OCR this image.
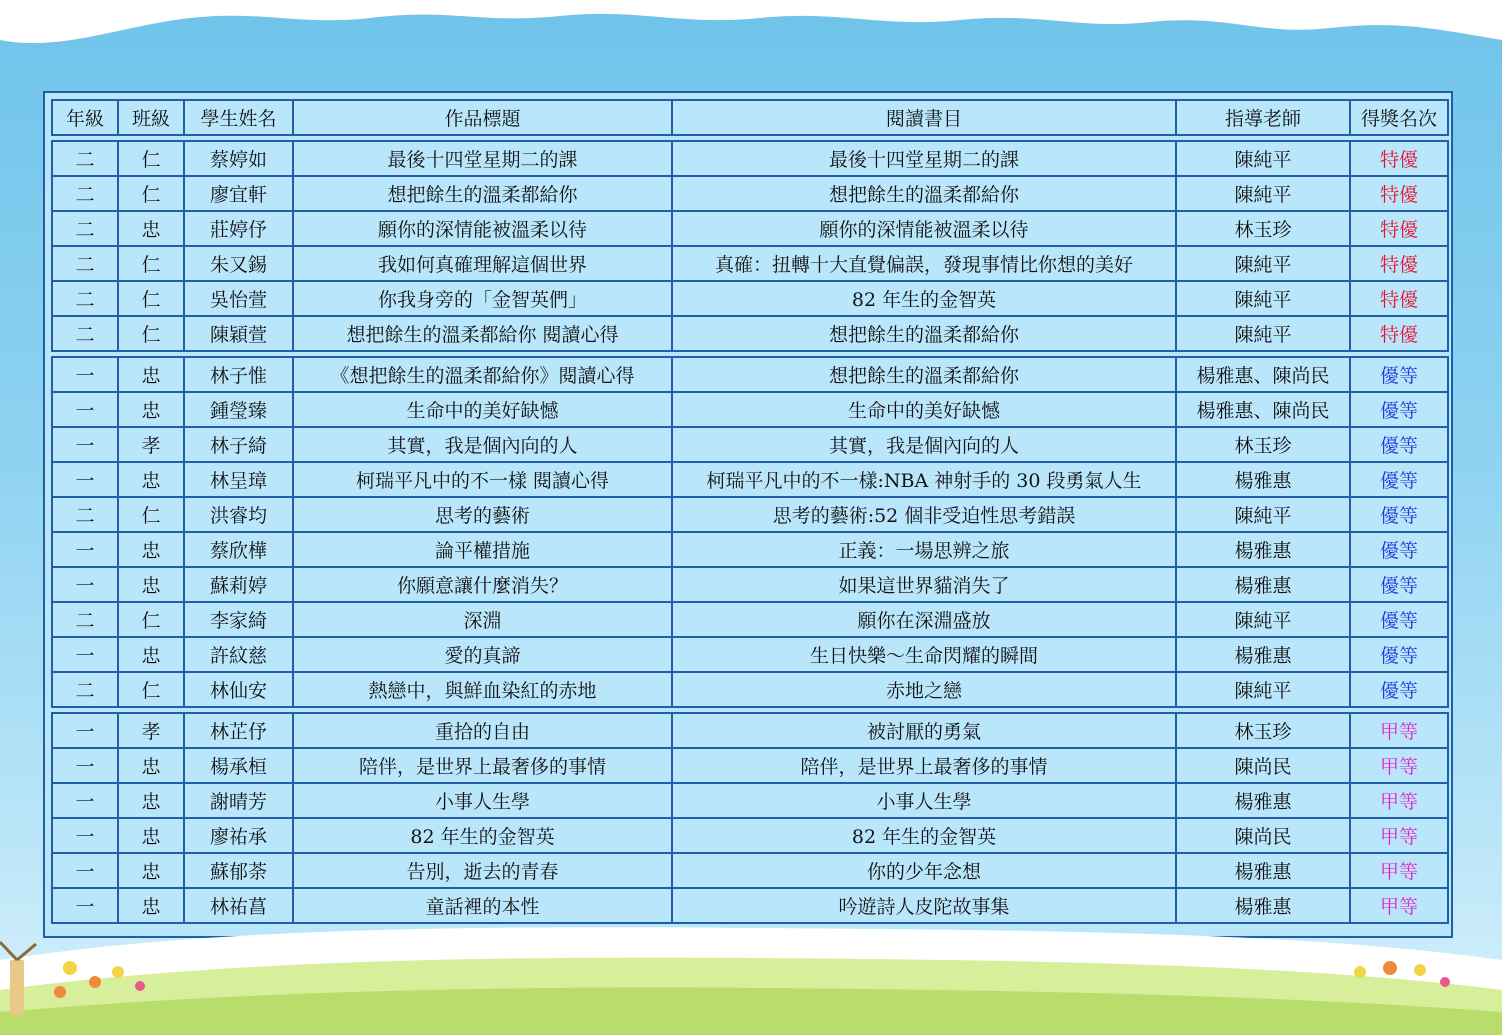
年級	班級	學生姓名	作品標題	閱讀書目	指導老師	得獎名次

二	仁	蔡婷如	最後十四堂星期二的課	最後十四堂星期二的課	陳純平	特優
二	仁	廖宜軒	想把餘生的溫柔都給你	想把餘生的溫柔都給你	陳純平	特優
二	忠	莊婷伃	願你的深情能被溫柔以待	願你的深情能被溫柔以待	林玉珍	特優
二	仁	朱又錫	我如何真確理解這個世界	真確：扭轉十大直覺偏誤，發現事情比你想的美好	陳純平	特優
二	仁	吳怡萱	你我身旁的「金智英們」	82 年生的金智英	陳純平	特優
二	仁	陳穎萱	想把餘生的溫柔都給你 閱讀心得	想把餘生的溫柔都給你	陳純平	特優

一	忠	林子惟	《想把餘生的溫柔都給你》閱讀心得	想把餘生的溫柔都給你	楊雅惠、陳尚民	優等
一	忠	鍾瑩臻	生命中的美好缺憾	生命中的美好缺憾	楊雅惠、陳尚民	優等
一	孝	林子綺	其實，我是個內向的人	其實，我是個內向的人	林玉珍	優等
一	忠	林呈璋	柯瑞平凡中的不一樣 閱讀心得	柯瑞平凡中的不一樣:NBA 神射手的 30 段勇氣人生	楊雅惠	優等
二	仁	洪睿均	思考的藝術	思考的藝術:52 個非受迫性思考錯誤	陳純平	優等
一	忠	蔡欣樺	論平權措施	正義：一場思辨之旅	楊雅惠	優等
一	忠	蘇莉婷	你願意讓什麼消失？	如果這世界貓消失了	楊雅惠	優等
二	仁	李家綺	深淵	願你在深淵盛放	陳純平	優等
一	忠	許紋慈	愛的真諦	生日快樂～生命閃耀的瞬間	楊雅惠	優等
二	仁	林仙安	熱戀中，與鮮血染紅的赤地	赤地之戀	陳純平	優等

一	孝	林芷伃	重拾的自由	被討厭的勇氣	林玉珍	甲等
一	忠	楊承桓	陪伴，是世界上最奢侈的事情	陪伴，是世界上最奢侈的事情	陳尚民	甲等
一	忠	謝晴芳	小事人生學	小事人生學	楊雅惠	甲等
一	忠	廖祐承	82 年生的金智英	82 年生的金智英	陳尚民	甲等
一	忠	蘇郁荼	告別，逝去的青春	你的少年念想	楊雅惠	甲等
一	忠	林祐菖	童話裡的本性	吟遊詩人皮陀故事集	楊雅惠	甲等
